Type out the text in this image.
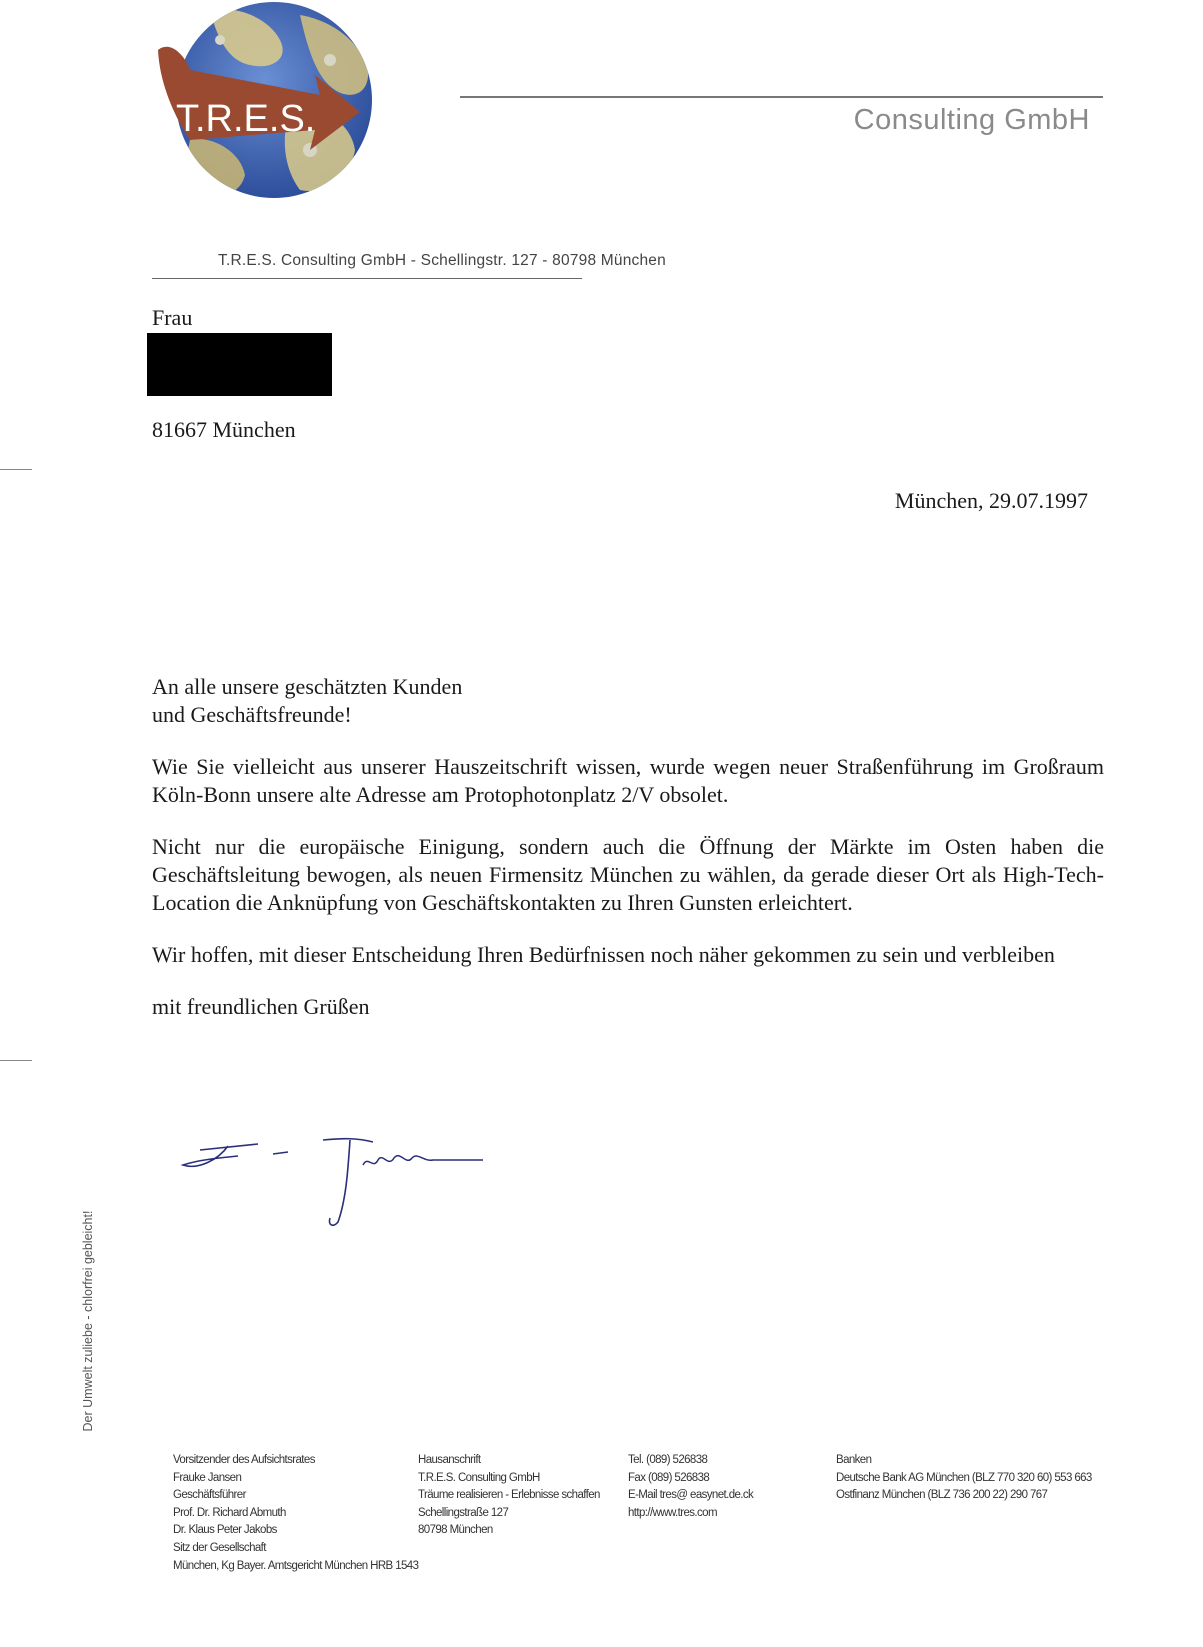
T.R.E.S.	Consulting GmbH
T.R.E.S. Consulting GmbH - Schellingstr. 127 - 80798 München
Frau
81667 München
München, 29.07.1997

An alle unsere geschätzten Kunden
und Geschäftsfreunde!

Wie Sie vielleicht aus unserer Hauszeitschrift wissen, wurde wegen neuer Straßenführung im Großraum Köln-Bonn unsere alte Adresse am Protophotonplatz 2/V obsolet.

Nicht nur die europäische Einigung, sondern auch die Öffnung der Märkte im Osten haben die Geschäftsleitung bewogen, als neuen Firmensitz München zu wählen, da gerade dieser Ort als High-Tech-Location die Anknüpfung von Geschäftskontakten zu Ihren Gunsten erleichtert.

Wir hoffen, mit dieser Entscheidung Ihren Bedürfnissen noch näher gekommen zu sein und verbleiben

mit freundlichen Grüßen

Der Umwelt zuliebe - chlorfrei gebleicht!
Vorsitzender des Aufsichtsrates
Frauke Jansen
Geschäftsführer
Prof. Dr. Richard Abmuth
Dr. Klaus Peter Jakobs
Sitz der Gesellschaft
München, Kg Bayer. Amtsgericht München HRB 1543
Hausanschrift
T.R.E.S. Consulting GmbH
Träume realisieren - Erlebnisse schaffen
Schellingstraße 127
80798 München
Tel. (089) 526838
Fax (089) 526838
E-Mail tres@ easynet.de.ck
http://www.tres.com
Banken
Deutsche Bank AG München (BLZ 770 320 60) 553 663
Ostfinanz München (BLZ 736 200 22) 290 767
